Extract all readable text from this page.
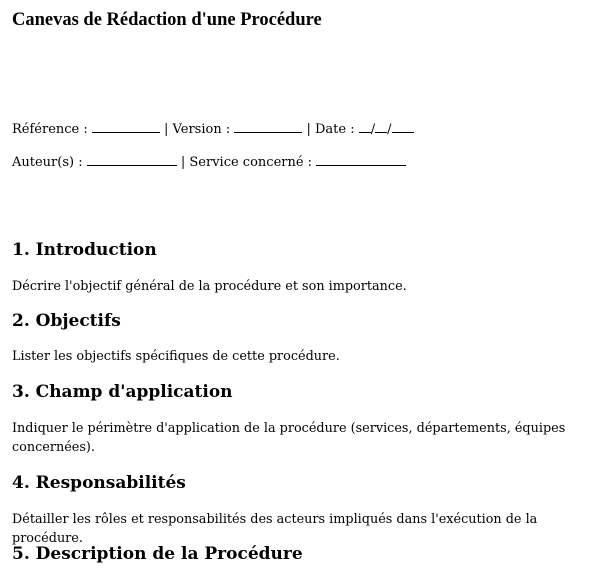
Canevas de Rédaction d'une Procédure
Référence :	| Version :	| Date : / /
Auteur(s) :	| Service concerné :
1. Introduction
Décrire l'objectif général de la procédure et son importance.
2. Objectifs
Lister les objectifs spécifiques de cette procédure.
3. Champ d'application
Indiquer le périmètre d'application de la procédure (services, départements, équipes concernées).
4. Responsabilités
Détailler les rôles et responsabilités des acteurs impliqués dans l'exécution de la procédure.
5. Description de la Procédure
